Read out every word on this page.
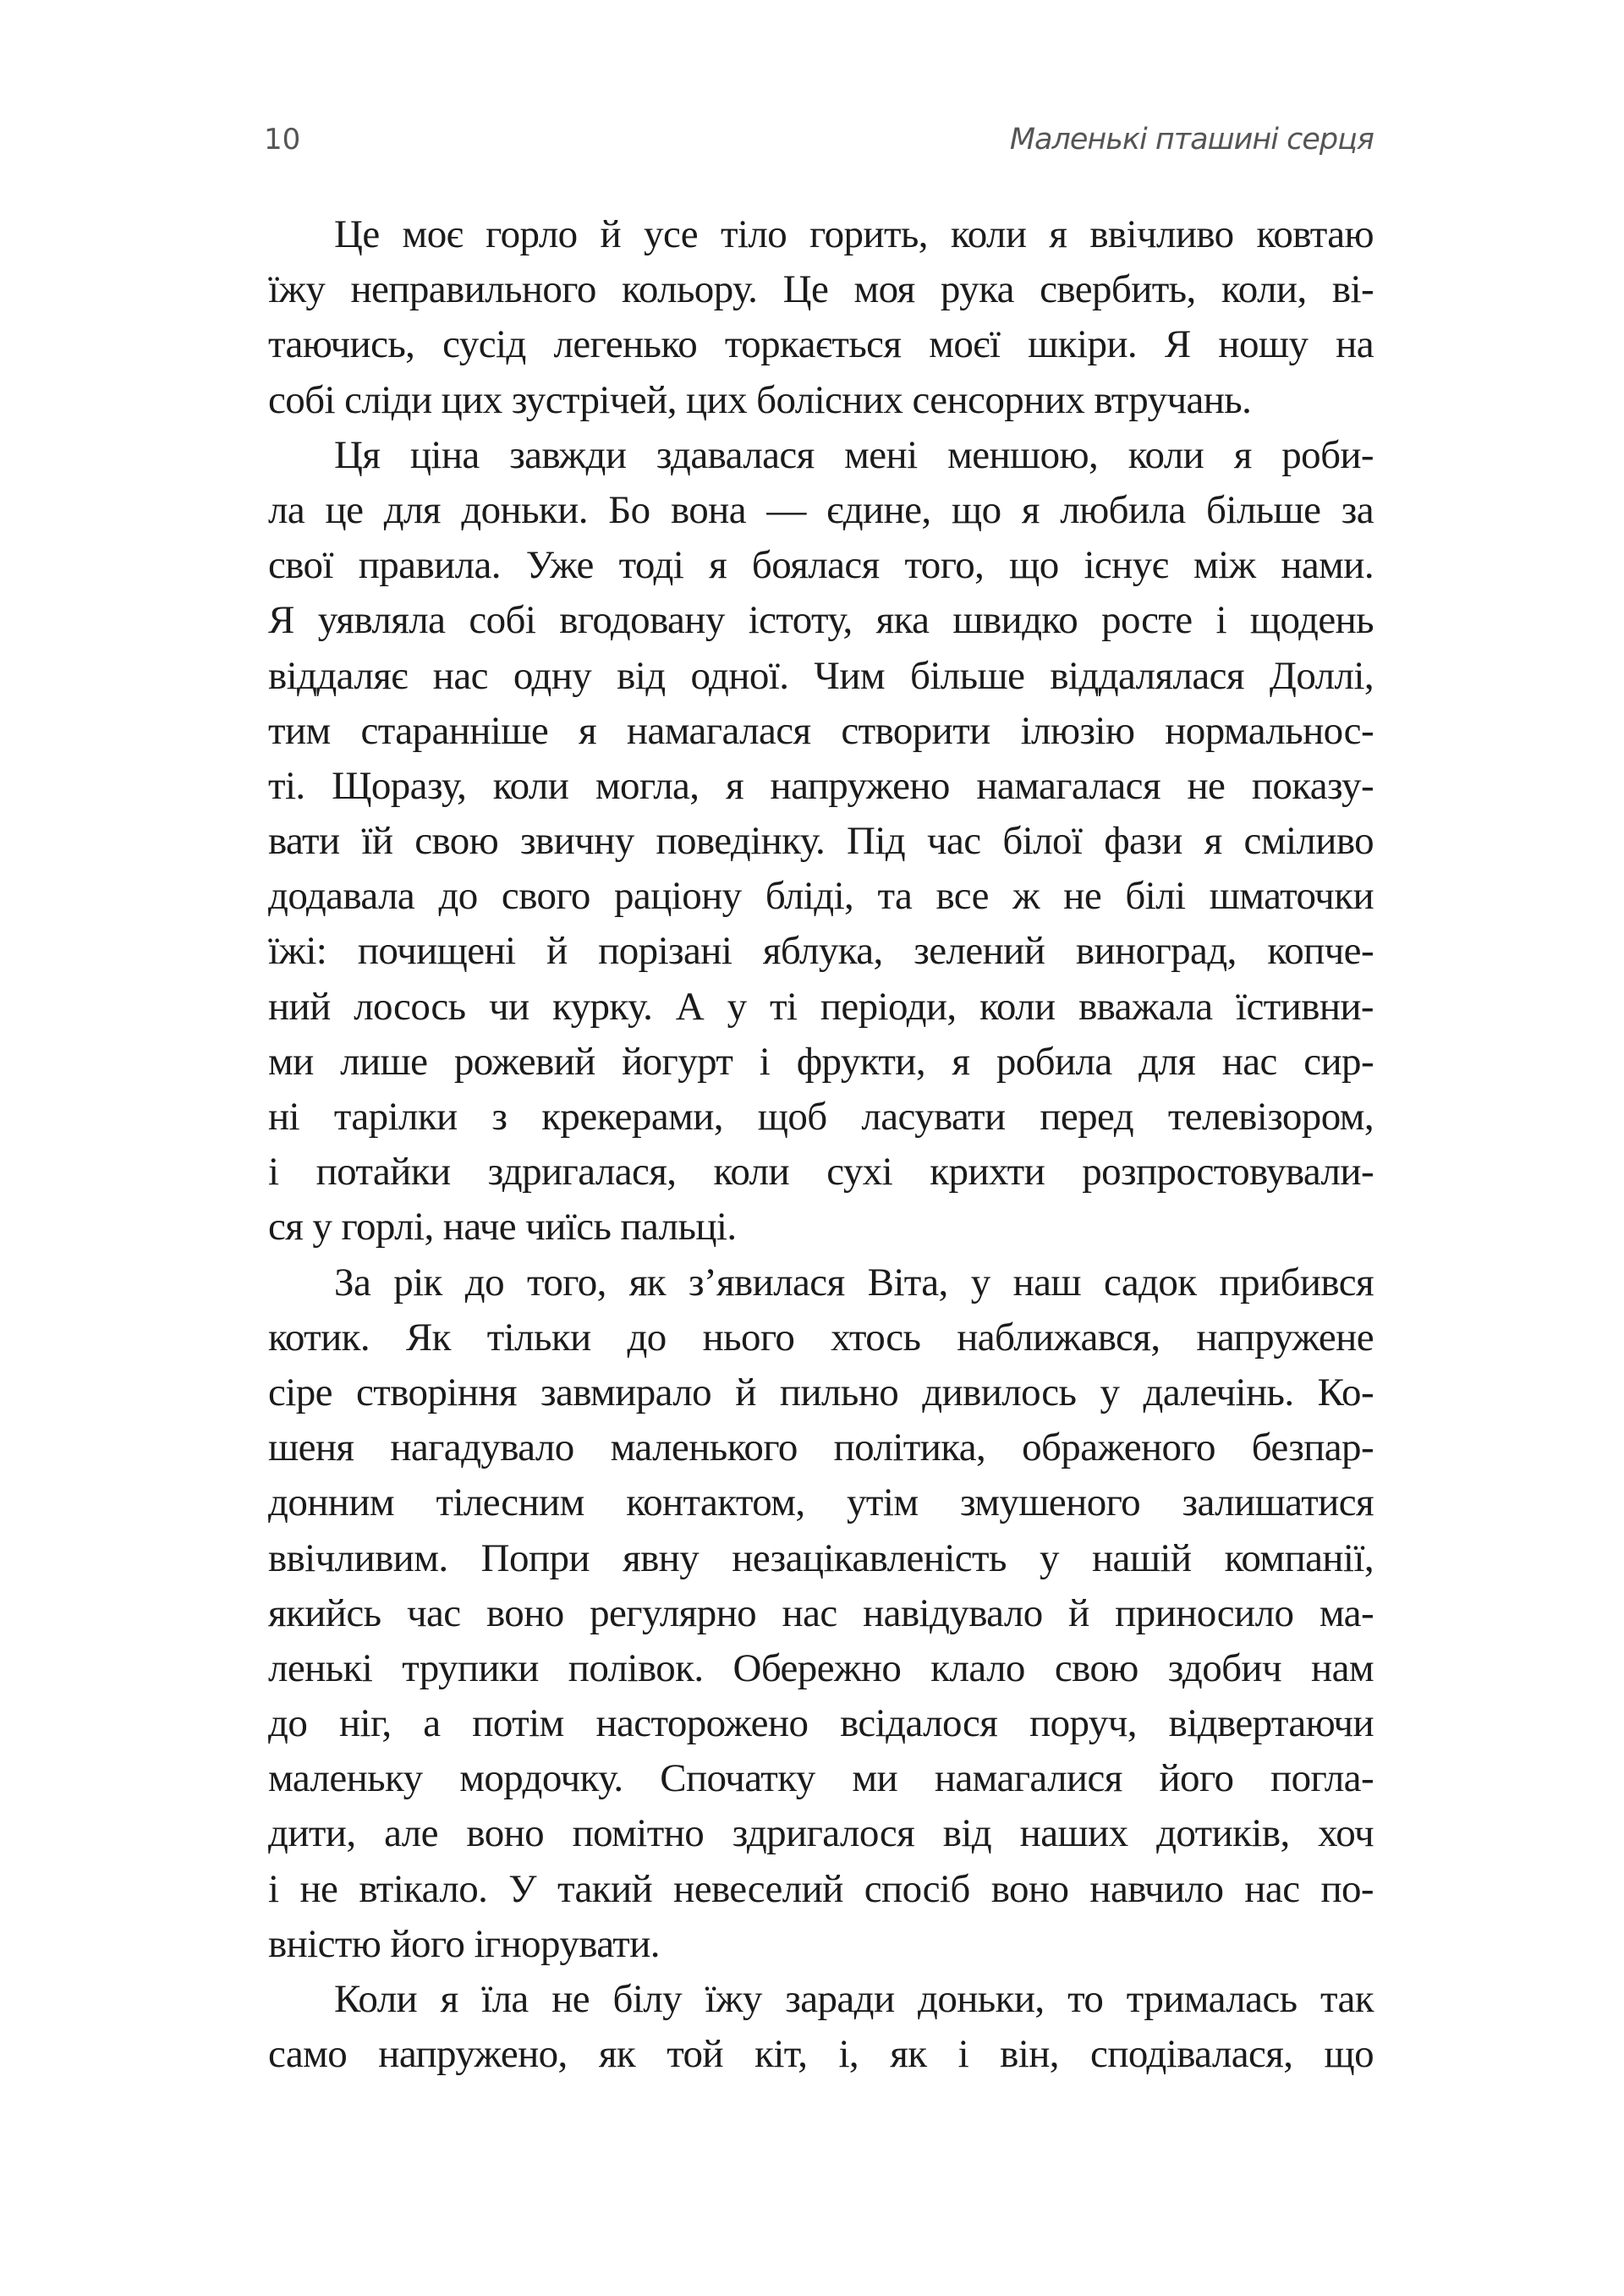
10	Маленькі пташині серця
Це моє горло й усе тіло горить, коли я ввічливо ковтаю
їжу неправильного кольору. Це моя рука свербить, коли, ві-
таючись, сусід легенько торкається моєї шкіри. Я ношу на
собі сліди цих зустрічей, цих болісних сенсорних втручань.
Ця ціна завжди здавалася мені меншою, коли я роби-
ла це для доньки. Бо вона — єдине, що я любила більше за
свої правила. Уже тоді я боялася того, що існує між нами.
Я уявляла собі вгодовану істоту, яка швидко росте і щодень
віддаляє нас одну від одної. Чим більше віддалялася Доллі,
тим старанніше я намагалася створити ілюзію нормальнос-
ті. Щоразу, коли могла, я напружено намагалася не показу-
вати їй свою звичну поведінку. Під час білої фази я сміливо
додавала до свого раціону бліді, та все ж не білі шматочки
їжі: почищені й порізані яблука, зелений виноград, копче-
ний лосось чи курку. А у ті періоди, коли вважала їстивни-
ми лише рожевий йогурт і фрукти, я робила для нас сир-
ні тарілки з крекерами, щоб ласувати перед телевізором,
і потайки здригалася, коли сухі крихти розпростовували-
ся у горлі, наче чиїсь пальці.
За рік до того, як з’явилася Віта, у наш садок прибився
котик. Як тільки до нього хтось наближався, напружене
сіре створіння завмирало й пильно дивилось у далечінь. Ко-
шеня нагадувало маленького політика, ображеного безпар-
донним тілесним контактом, утім змушеного залишатися
ввічливим. Попри явну незацікавленість у нашій компанії,
якийсь час воно регулярно нас навідувало й приносило ма-
ленькі трупики полівок. Обережно клало свою здобич нам
до ніг, а потім насторожено всідалося поруч, відвертаючи
маленьку мордочку. Спочатку ми намагалися його погла-
дити, але воно помітно здригалося від наших дотиків, хоч
і не втікало. У такий невеселий спосіб воно навчило нас по-
вністю його ігнорувати.
Коли я їла не білу їжу заради доньки, то трималась так
само напружено, як той кіт, і, як і він, сподівалася, що
